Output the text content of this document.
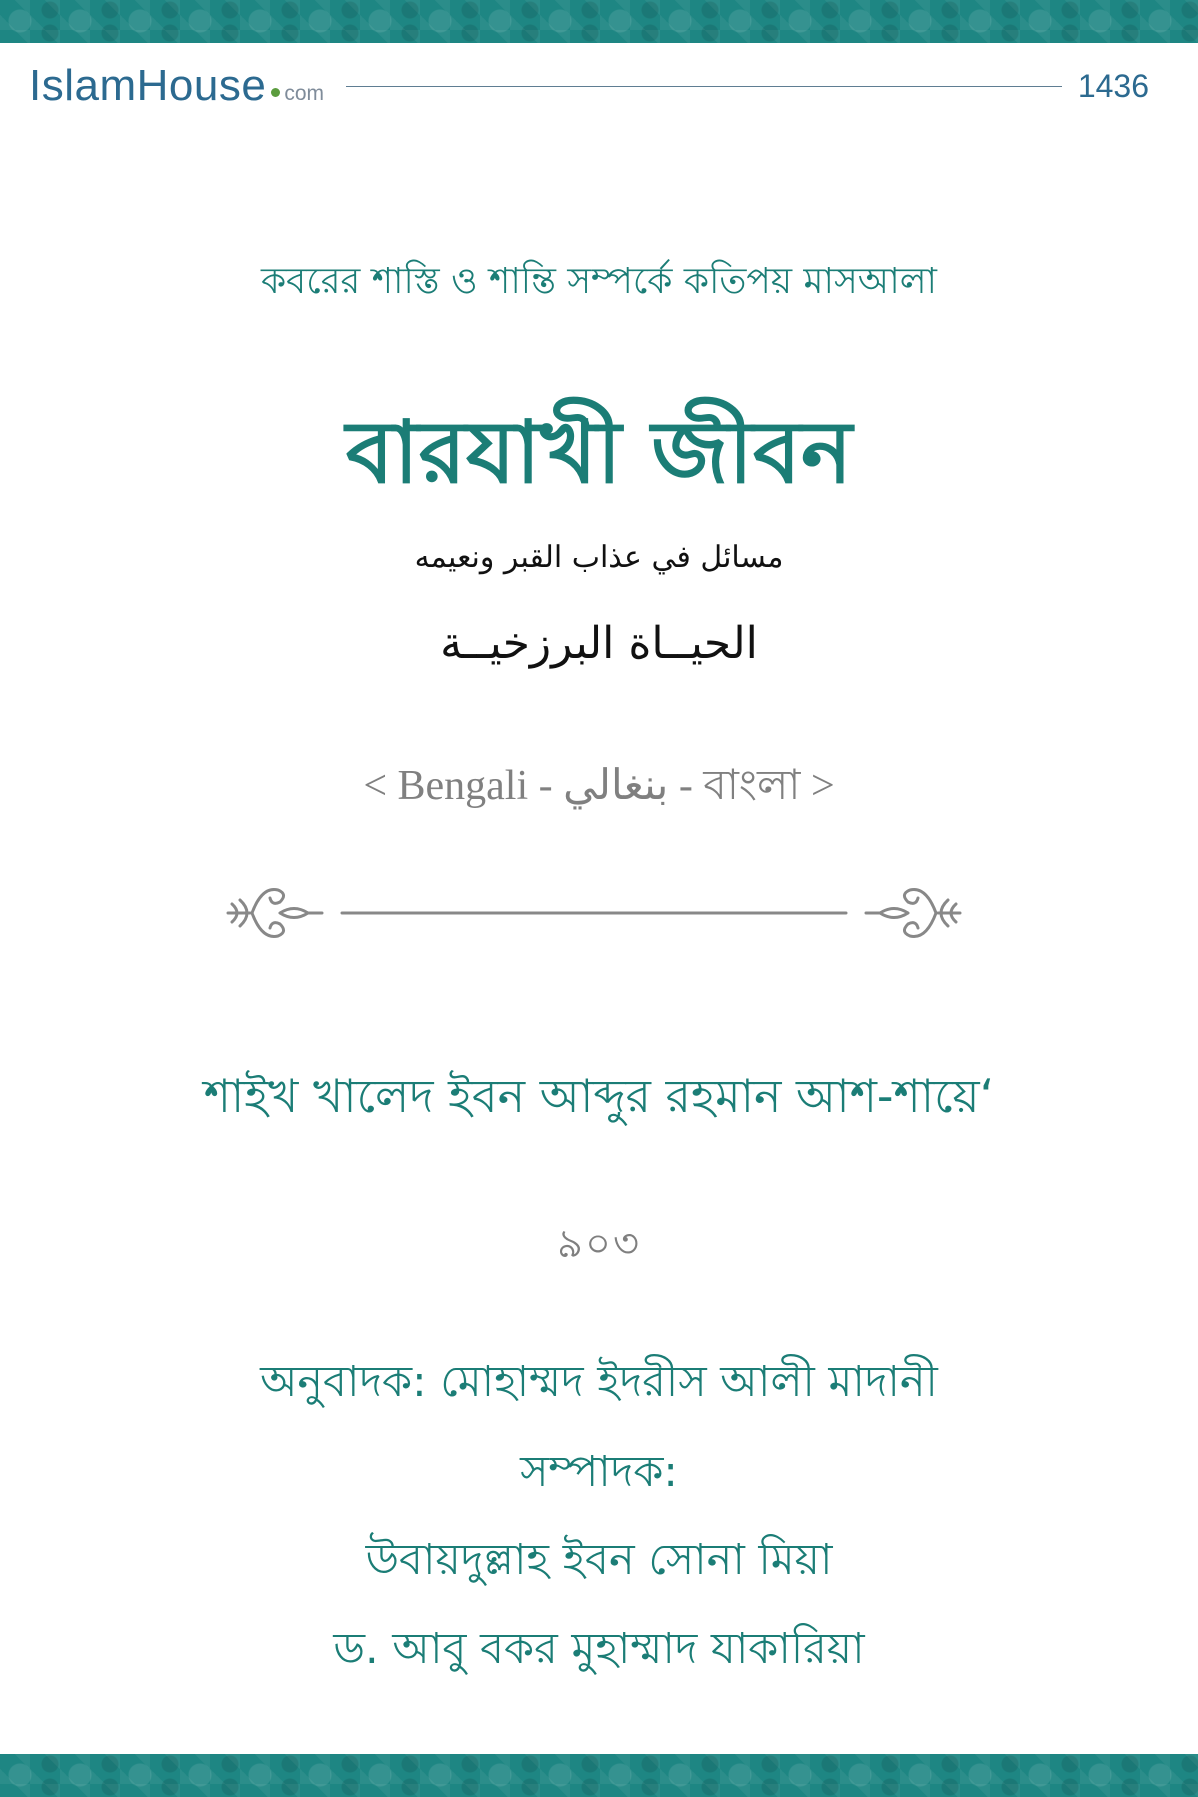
IslamHouse com	1436
কবরের শাস্তি ও শান্তি সম্পর্কে কতিপয় মাসআলা
বারযাখী জীবন
مسائل في عذاب القبر ونعيمه
الحيــاة البرزخيــة
< Bengali - بنغالي - বাংলা >
শাইখ খালেদ ইবন আব্দুর রহমান আশ-শায়ে‘
৯০৩
অনুবাদক: মোহাম্মদ ইদরীস আলী মাদানী
সম্পাদক:
উবায়দুল্লাহ ইবন সোনা মিয়া
ড. আবু বকর মুহাম্মাদ যাকারিয়া
